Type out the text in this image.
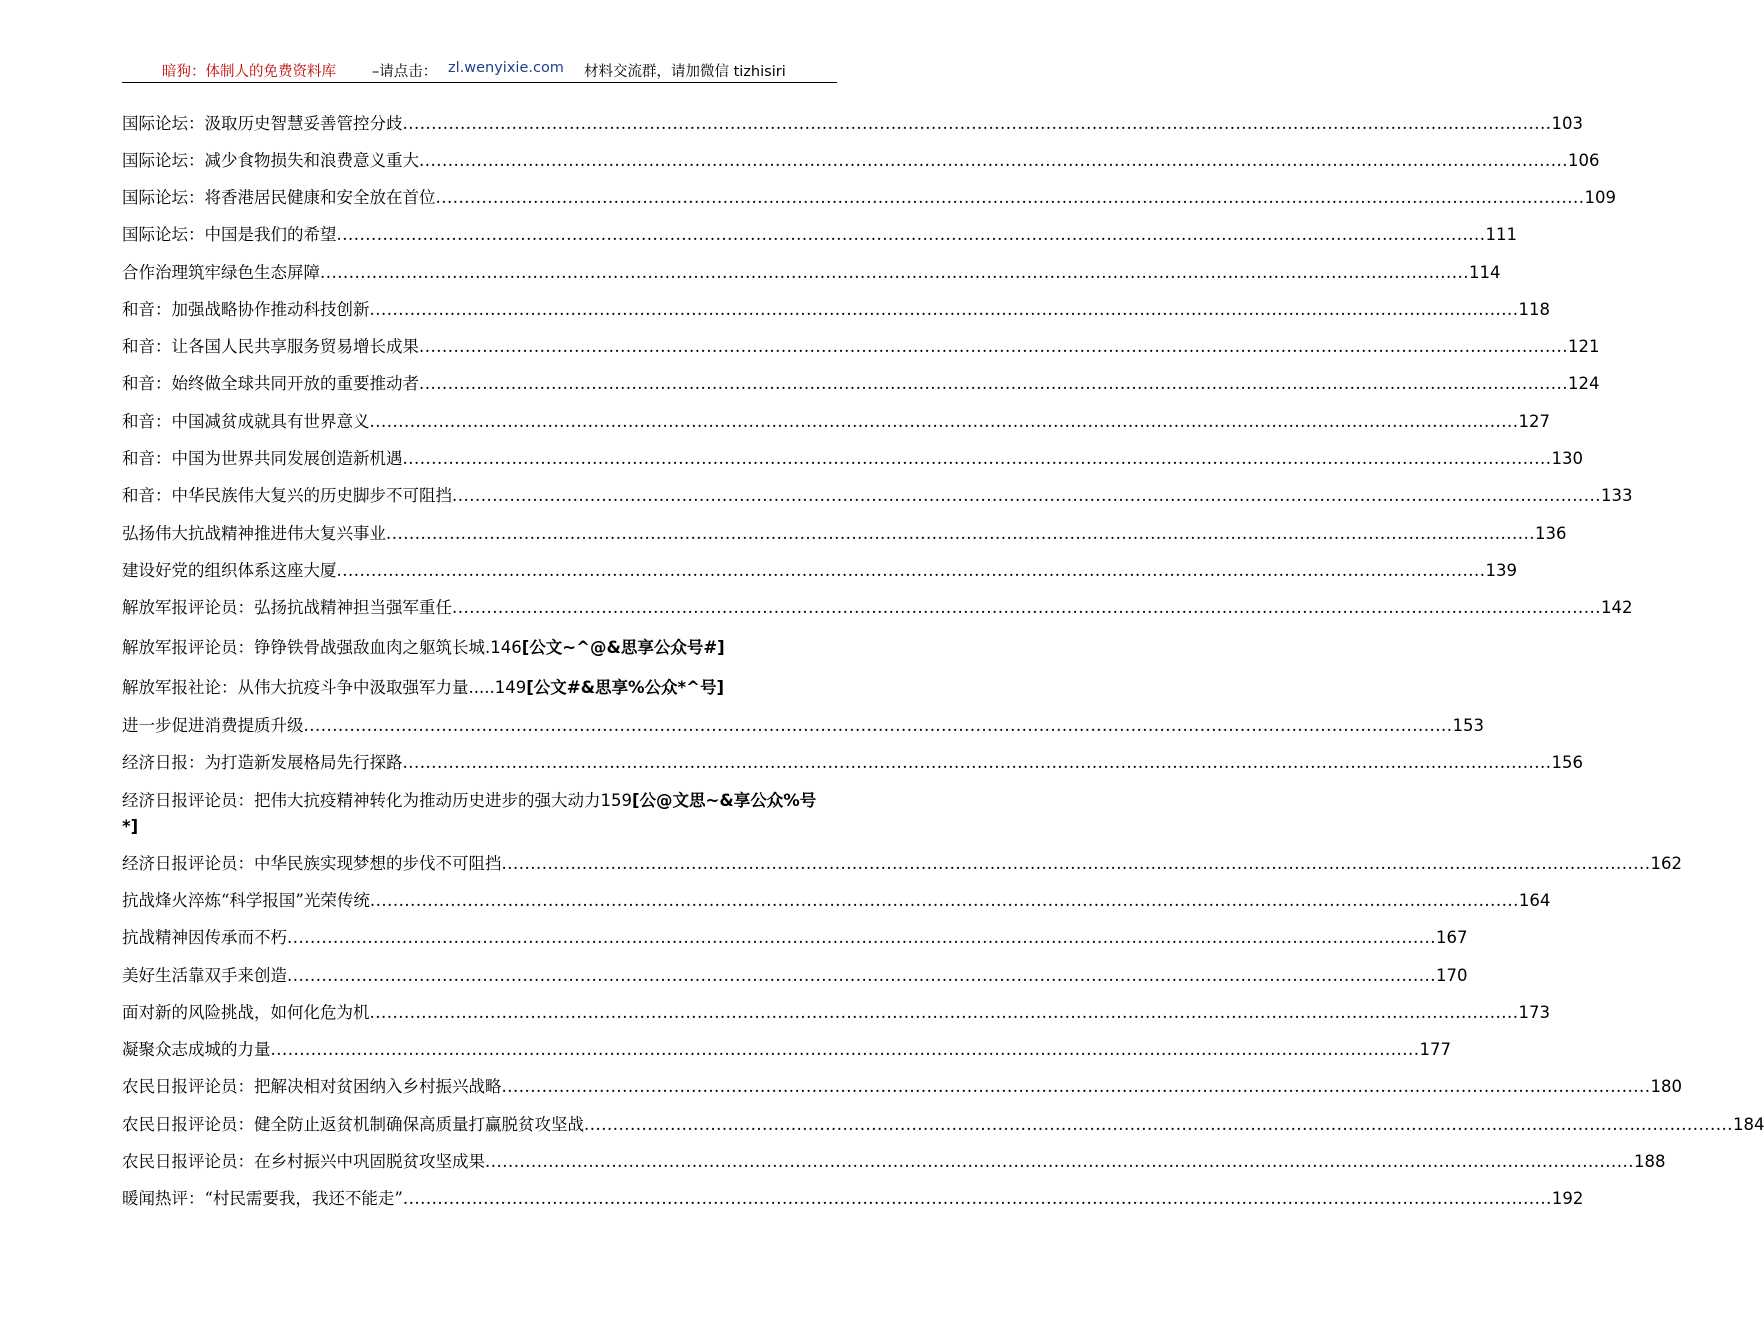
暗狗：体制人的免费资料库 –请点击： zl.wenyixie.com 材料交流群，请加微信 tizhisiri
国际论坛：汲取历史智慧妥善管控分歧 ........................................................................................................................................................................................................ 103
国际论坛：减少食物损失和浪费意义重大 ........................................................................................................................................................................................................ 106
国际论坛：将香港居民健康和安全放在首位 ........................................................................................................................................................................................................ 109
国际论坛：中国是我们的希望 ........................................................................................................................................................................................................ 111
合作治理筑牢绿色生态屏障 ........................................................................................................................................................................................................ 114
和音：加强战略协作推动科技创新 ........................................................................................................................................................................................................ 118
和音：让各国人民共享服务贸易增长成果 ........................................................................................................................................................................................................ 121
和音：始终做全球共同开放的重要推动者 ........................................................................................................................................................................................................ 124
和音：中国减贫成就具有世界意义 ........................................................................................................................................................................................................ 127
和音：中国为世界共同发展创造新机遇 ........................................................................................................................................................................................................ 130
和音：中华民族伟大复兴的历史脚步不可阻挡 ........................................................................................................................................................................................................ 133
弘扬伟大抗战精神推进伟大复兴事业 ........................................................................................................................................................................................................ 136
建设好党的组织体系这座大厦 ........................................................................................................................................................................................................ 139
解放军报评论员：弘扬抗战精神担当强军重任 ........................................................................................................................................................................................................ 142
解放军报评论员：铮铮铁骨战强敌血肉之躯筑长城.146[公文~^@&思享公众号#]
解放军报社论：从伟大抗疫斗争中汲取强军力量.....149[公文#&思享%公众*^号]
进一步促进消费提质升级 ........................................................................................................................................................................................................ 153
经济日报：为打造新发展格局先行探路 ........................................................................................................................................................................................................ 156
经济日报评论员：把伟大抗疫精神转化为推动历史进步的强大动力159[公@文思~&享公众%号*]
经济日报评论员：中华民族实现梦想的步伐不可阻挡 ........................................................................................................................................................................................................ 162
抗战烽火淬炼“科学报国”光荣传统 ........................................................................................................................................................................................................ 164
抗战精神因传承而不朽 ........................................................................................................................................................................................................ 167
美好生活靠双手来创造 ........................................................................................................................................................................................................ 170
面对新的风险挑战，如何化危为机 ........................................................................................................................................................................................................ 173
凝聚众志成城的力量 ........................................................................................................................................................................................................ 177
农民日报评论员：把解决相对贫困纳入乡村振兴战略 ........................................................................................................................................................................................................ 180
农民日报评论员：健全防止返贫机制确保高质量打赢脱贫攻坚战 ........................................................................................................................................................................................................ 184
农民日报评论员：在乡村振兴中巩固脱贫攻坚成果 ........................................................................................................................................................................................................ 188
暖闻热评：“村民需要我，我还不能走” ........................................................................................................................................................................................................ 192
